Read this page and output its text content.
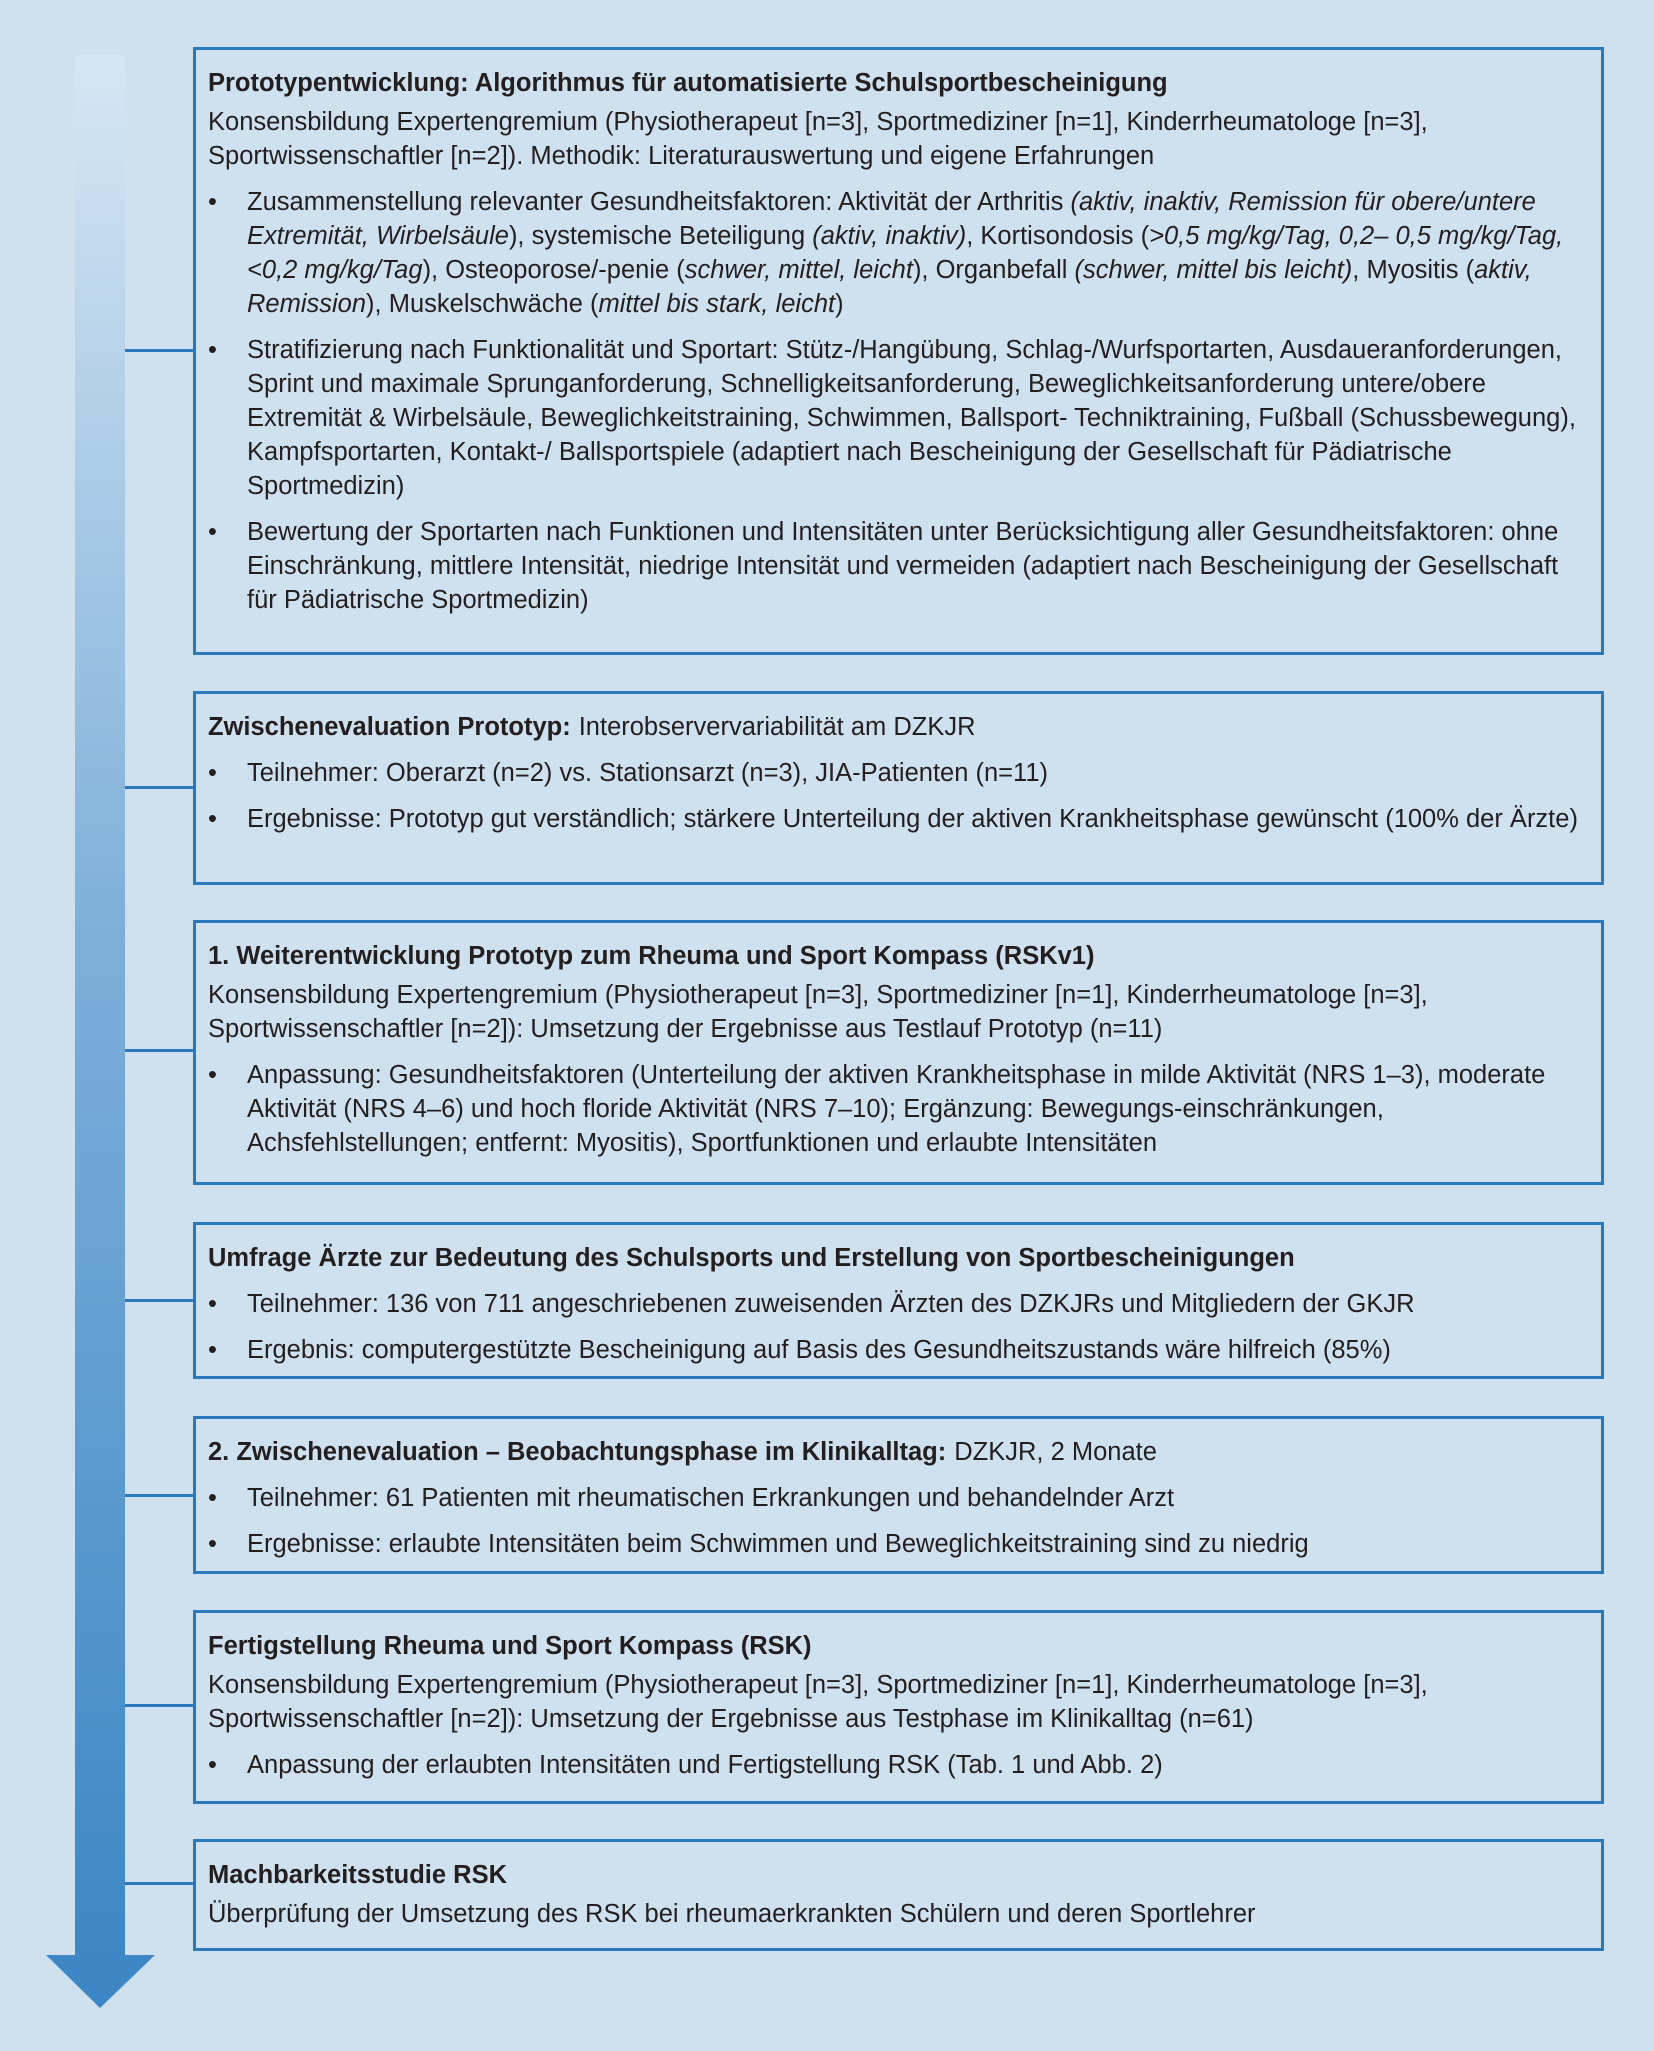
Prototypentwicklung: Algorithmus für automatisierte Schulsportbescheinigung
Konsensbildung Expertengremium (Physiotherapeut [n=3], Sportmediziner [n=1], Kinderrheumatologe [n=3], Sportwissenschaftler [n=2]). Methodik: Literaturauswertung und eigene Erfahrungen
• Zusammenstellung relevanter Gesundheitsfaktoren: Aktivität der Arthritis (aktiv, inaktiv, Remission für obere/untere Extremität, Wirbelsäule), systemische Beteiligung (aktiv, inaktiv), Kortisondosis (>0,5 mg/kg/Tag, 0,2– 0,5 mg/kg/Tag, <0,2 mg/kg/Tag), Osteoporose/-penie (schwer, mittel, leicht), Organbefall (schwer, mittel bis leicht), Myositis (aktiv, Remission), Muskelschwäche (mittel bis stark, leicht)
• Stratifizierung nach Funktionalität und Sportart: Stütz-/Hangübung, Schlag-/Wurfsportarten, Ausdaueranforderungen, Sprint und maximale Sprunganforderung, Schnelligkeitsanforderung, Beweglichkeitsanforderung untere/obere Extremität & Wirbelsäule, Beweglichkeitstraining, Schwimmen, Ballsport- Techniktraining, Fußball (Schussbewegung), Kampfsportarten, Kontakt-/ Ballsportspiele (adaptiert nach Bescheinigung der Gesellschaft für Pädiatrische Sportmedizin)
• Bewertung der Sportarten nach Funktionen und Intensitäten unter Berücksichtigung aller Gesundheitsfaktoren: ohne Einschränkung, mittlere Intensität, niedrige Intensität und vermeiden (adaptiert nach Bescheinigung der Gesellschaft für Pädiatrische Sportmedizin)
Zwischenevaluation Prototyp: Interobservervariabilität am DZKJR
• Teilnehmer: Oberarzt (n=2) vs. Stationsarzt (n=3), JIA-Patienten (n=11)
• Ergebnisse: Prototyp gut verständlich; stärkere Unterteilung der aktiven Krankheitsphase gewünscht (100% der Ärzte)
1. Weiterentwicklung Prototyp zum Rheuma und Sport Kompass (RSKv1)
Konsensbildung Expertengremium (Physiotherapeut [n=3], Sportmediziner [n=1], Kinderrheumatologe [n=3], Sportwissenschaftler [n=2]): Umsetzung der Ergebnisse aus Testlauf Prototyp (n=11)
• Anpassung: Gesundheitsfaktoren (Unterteilung der aktiven Krankheitsphase in milde Aktivität (NRS 1–3), moderate Aktivität (NRS 4–6) und hoch floride Aktivität (NRS 7–10); Ergänzung: Bewegungs-einschränkungen, Achsfehlstellungen; entfernt: Myositis), Sportfunktionen und erlaubte Intensitäten
Umfrage Ärzte zur Bedeutung des Schulsports und Erstellung von Sportbescheinigungen
• Teilnehmer: 136 von 711 angeschriebenen zuweisenden Ärzten des DZKJRs und Mitgliedern der GKJR
• Ergebnis: computergestützte Bescheinigung auf Basis des Gesundheitszustands wäre hilfreich (85%)
2. Zwischenevaluation – Beobachtungsphase im Klinikalltag: DZKJR, 2 Monate
• Teilnehmer: 61 Patienten mit rheumatischen Erkrankungen und behandelnder Arzt
• Ergebnisse: erlaubte Intensitäten beim Schwimmen und Beweglichkeitstraining sind zu niedrig
Fertigstellung Rheuma und Sport Kompass (RSK)
Konsensbildung Expertengremium (Physiotherapeut [n=3], Sportmediziner [n=1], Kinderrheumatologe [n=3], Sportwissenschaftler [n=2]): Umsetzung der Ergebnisse aus Testphase im Klinikalltag (n=61)
• Anpassung der erlaubten Intensitäten und Fertigstellung RSK (Tab. 1 und Abb. 2)
Machbarkeitsstudie RSK
Überprüfung der Umsetzung des RSK bei rheumaerkrankten Schülern und deren Sportlehrer
